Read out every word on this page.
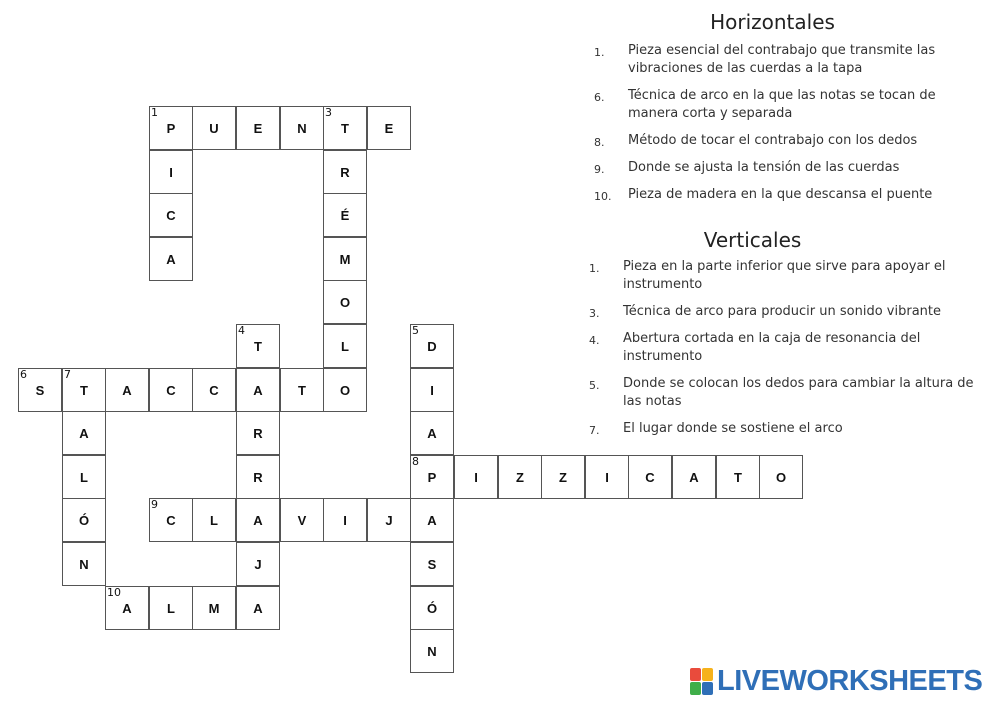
1
P
U
E
N	3
T
E
I
R
C
É
A
M
O
4
T
L	5
D
6
S	7
T
A
C
C
A
T
O
I
A
R
A
L
R
8
P
I
Z
Z
I
C
A
T
O
Ó
9
C
L
A
V
I
J
A
N
J
S
10
A
L
M
A
Ó
N
Horizontales
1. Pieza esencial del contrabajo que transmite las vibraciones de las cuerdas a la tapa
6. Técnica de arco en la que las notas se tocan de manera corta y separada
8. Método de tocar el contrabajo con los dedos
9. Donde se ajusta la tensión de las cuerdas
10. Pieza de madera en la que descansa el puente
Verticales
1. Pieza en la parte inferior que sirve para apoyar el instrumento
3. Técnica de arco para producir un sonido vibrante
4. Abertura cortada en la caja de resonancia del instrumento
5. Donde se colocan los dedos para cambiar la altura de las notas
7. El lugar donde se sostiene el arco
LIVEWORKSHEETS
